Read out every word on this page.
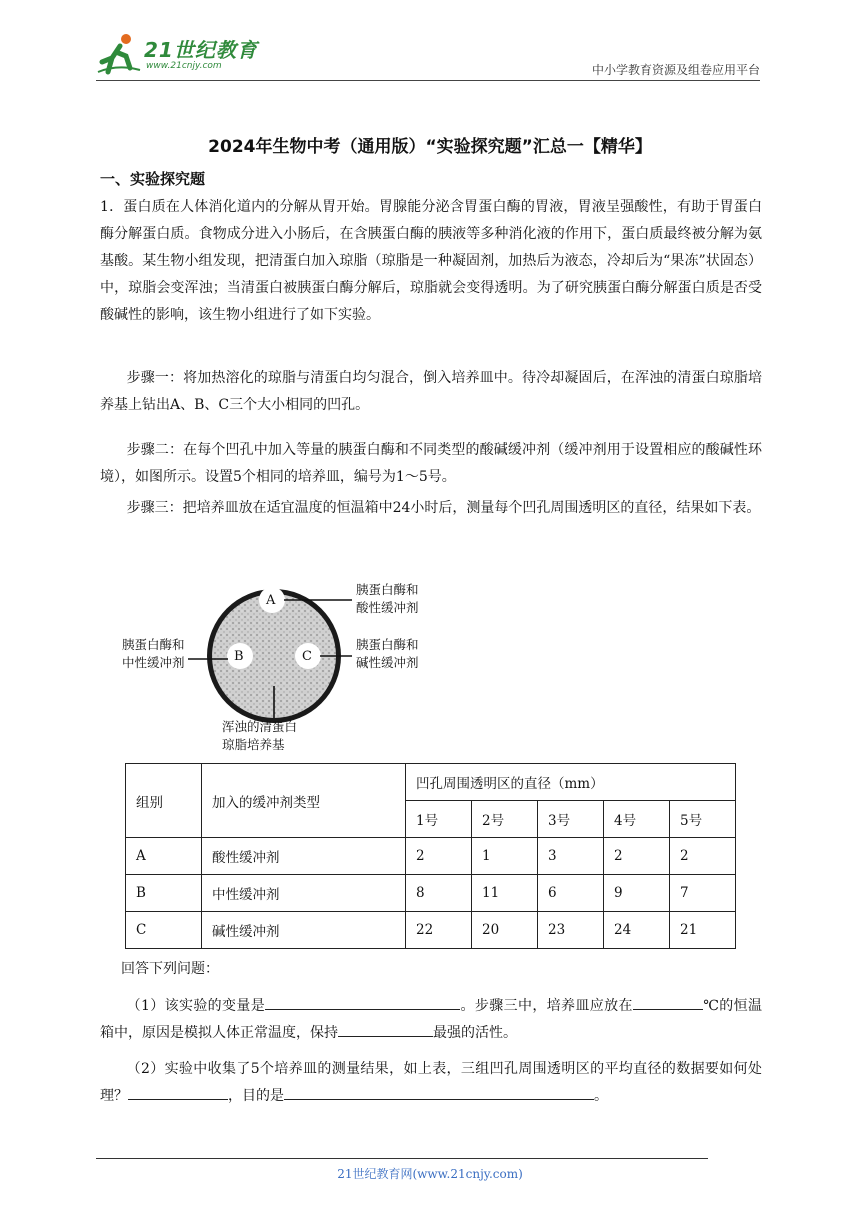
21世纪教育
www.21cnjy.com	中小学教育资源及组卷应用平台
2024年生物中考（通用版）“实验探究题”汇总一【精华】
一、实验探究题

1．蛋白质在人体消化道内的分解从胃开始。胃腺能分泌含胃蛋白酶的胃液，胃液呈强酸性，有助于胃蛋白酶分解蛋白质。食物成分进入小肠后，在含胰蛋白酶的胰液等多种消化液的作用下，蛋白质最终被分解为氨基酸。某生物小组发现，把清蛋白加入琼脂（琼脂是一种凝固剂，加热后为液态，冷却后为“果冻”状固态）中，琼脂会变浑浊；当清蛋白被胰蛋白酶分解后，琼脂就会变得透明。为了研究胰蛋白酶分解蛋白质是否受酸碱性的影响，该生物小组进行了如下实验。

步骤一：将加热溶化的琼脂与清蛋白均匀混合，倒入培养皿中。待冷却凝固后，在浑浊的清蛋白琼脂培养基上钻出A、B、C三个大小相同的凹孔。

步骤二：在每个凹孔中加入等量的胰蛋白酶和不同类型的酸碱缓冲剂（缓冲剂用于设置相应的酸碱性环境），如图所示。设置5个相同的培养皿，编号为1～5号。

步骤三：把培养皿放在适宜温度的恒温箱中24小时后，测量每个凹孔周围透明区的直径，结果如下表。

A
B	C
胰蛋白酶和
酸性缓冲剂
胰蛋白酶和
中性缓冲剂
胰蛋白酶和
碱性缓冲剂
浑浊的清蛋白
琼脂培养基
组别	加入的缓冲剂类型	凹孔周围透明区的直径（mm）				
		1号	2号	3号	4号	5号
A	酸性缓冲剂	2	1	3	2	2
B	中性缓冲剂	8	11	6	9	7
C	碱性缓冲剂	22	20	23	24	21

回答下列问题：

（1）该实验的变量是	。步骤三中，培养皿应放在	℃的恒温箱中，原因是模拟人体正常温度，保持	最强的活性。

（2）实验中收集了5个培养皿的测量结果，如上表，三组凹孔周围透明区的平均直径的数据要如何处理？	，目的是	。

21世纪教育网(www.21cnjy.com)
